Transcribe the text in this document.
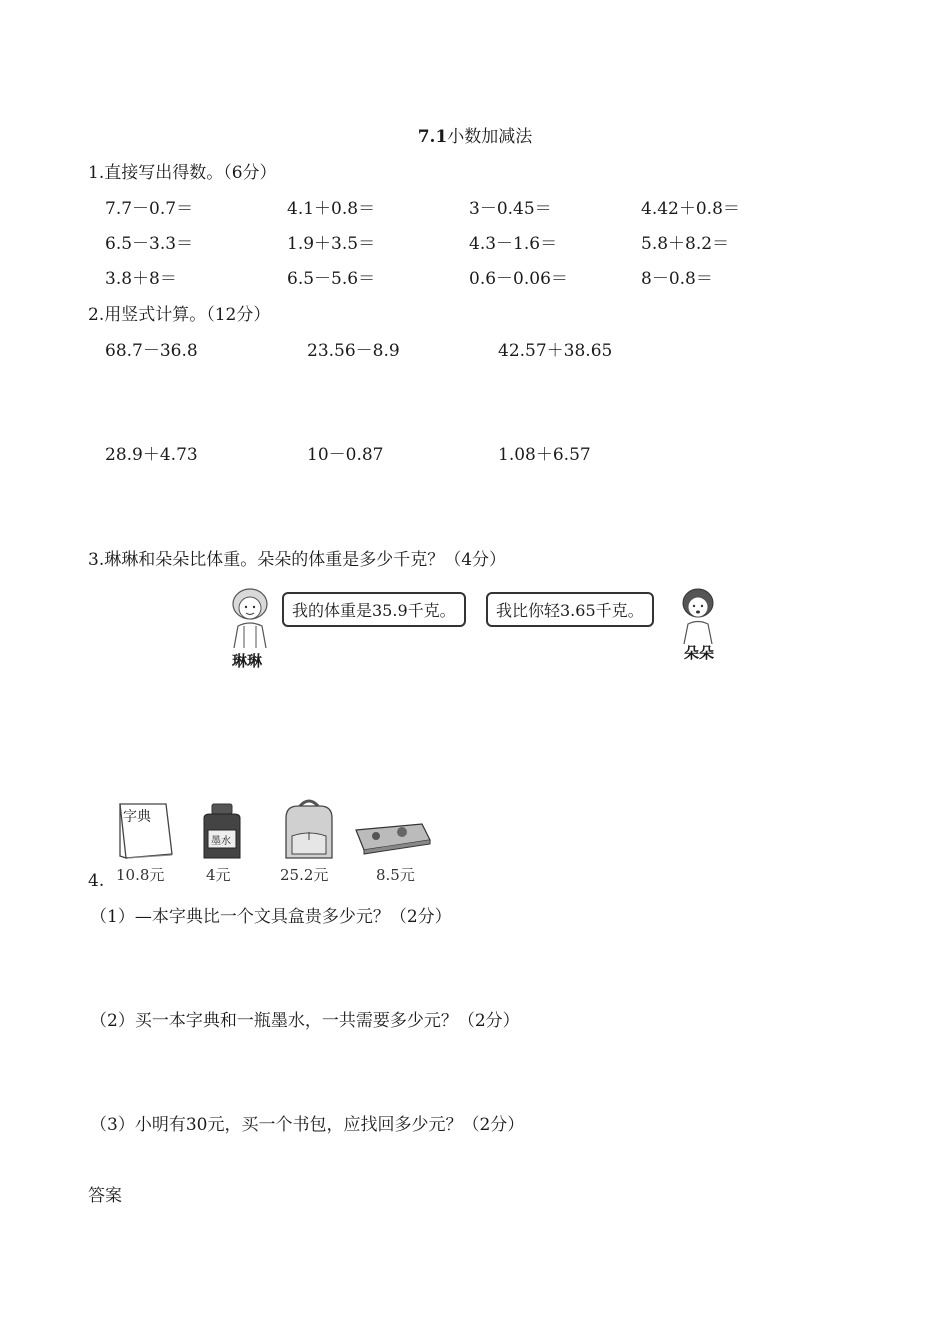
7.1小数加减法
1.直接写出得数。（6分）
7.7－0.7＝	4.1＋0.8＝	3－0.45＝	4.42＋0.8＝
6.5－3.3＝	1.9＋3.5＝	4.3－1.6＝	5.8＋8.2＝
3.8＋8＝	6.5－5.6＝	0.6－0.06＝	8－0.8＝
2.用竖式计算。（12分）
68.7－36.8	23.56－8.9	42.57＋38.65
28.9＋4.73	10－0.87	1.08＋6.57
3.琳琳和朵朵比体重。朵朵的体重是多少千克？（4分）
琳琳
我的体重是35.9千克。	我比你轻3.65千克。
朵朵
字典
10.8元
墨水
4元	25.2元	8.5元
4.
（1）—本字典比一个文具盒贵多少元？（2分）
（2）买一本字典和一瓶墨水，一共需要多少元？（2分）
（3）小明有30元，买一个书包，应找回多少元？（2分）
答案
